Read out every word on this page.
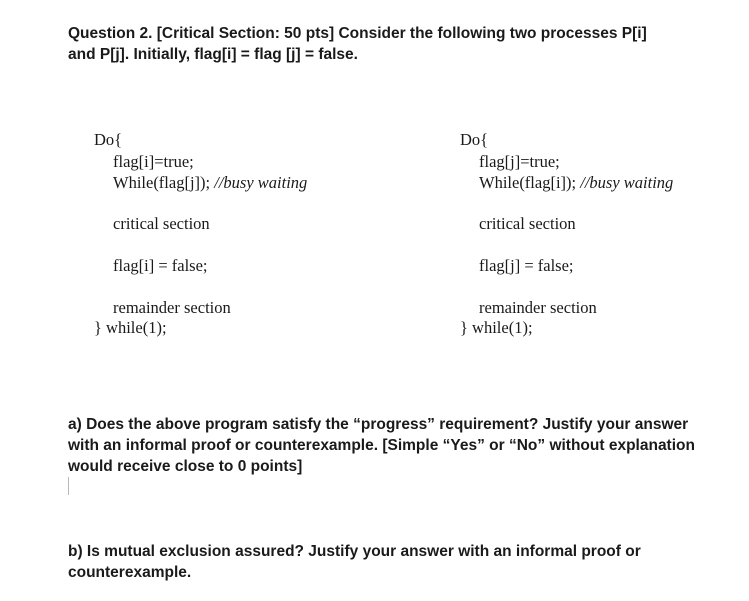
Question 2. [Critical Section: 50 pts] Consider the following two processes P[i]
and P[j]. Initially, flag[i] = flag [j] = false.
Do{
flag[i]=true;
While(flag[j]); //busy waiting
critical section
flag[i] = false;
remainder section
} while(1);
Do{
flag[j]=true;
While(flag[i]); //busy waiting
critical section
flag[j] = false;
remainder section
} while(1);
a) Does the above program satisfy the “progress” requirement? Justify your answer with an informal proof or counterexample. [Simple “Yes” or “No” without explanation would receive close to 0 points]
b) Is mutual exclusion assured? Justify your answer with an informal proof or counterexample.
